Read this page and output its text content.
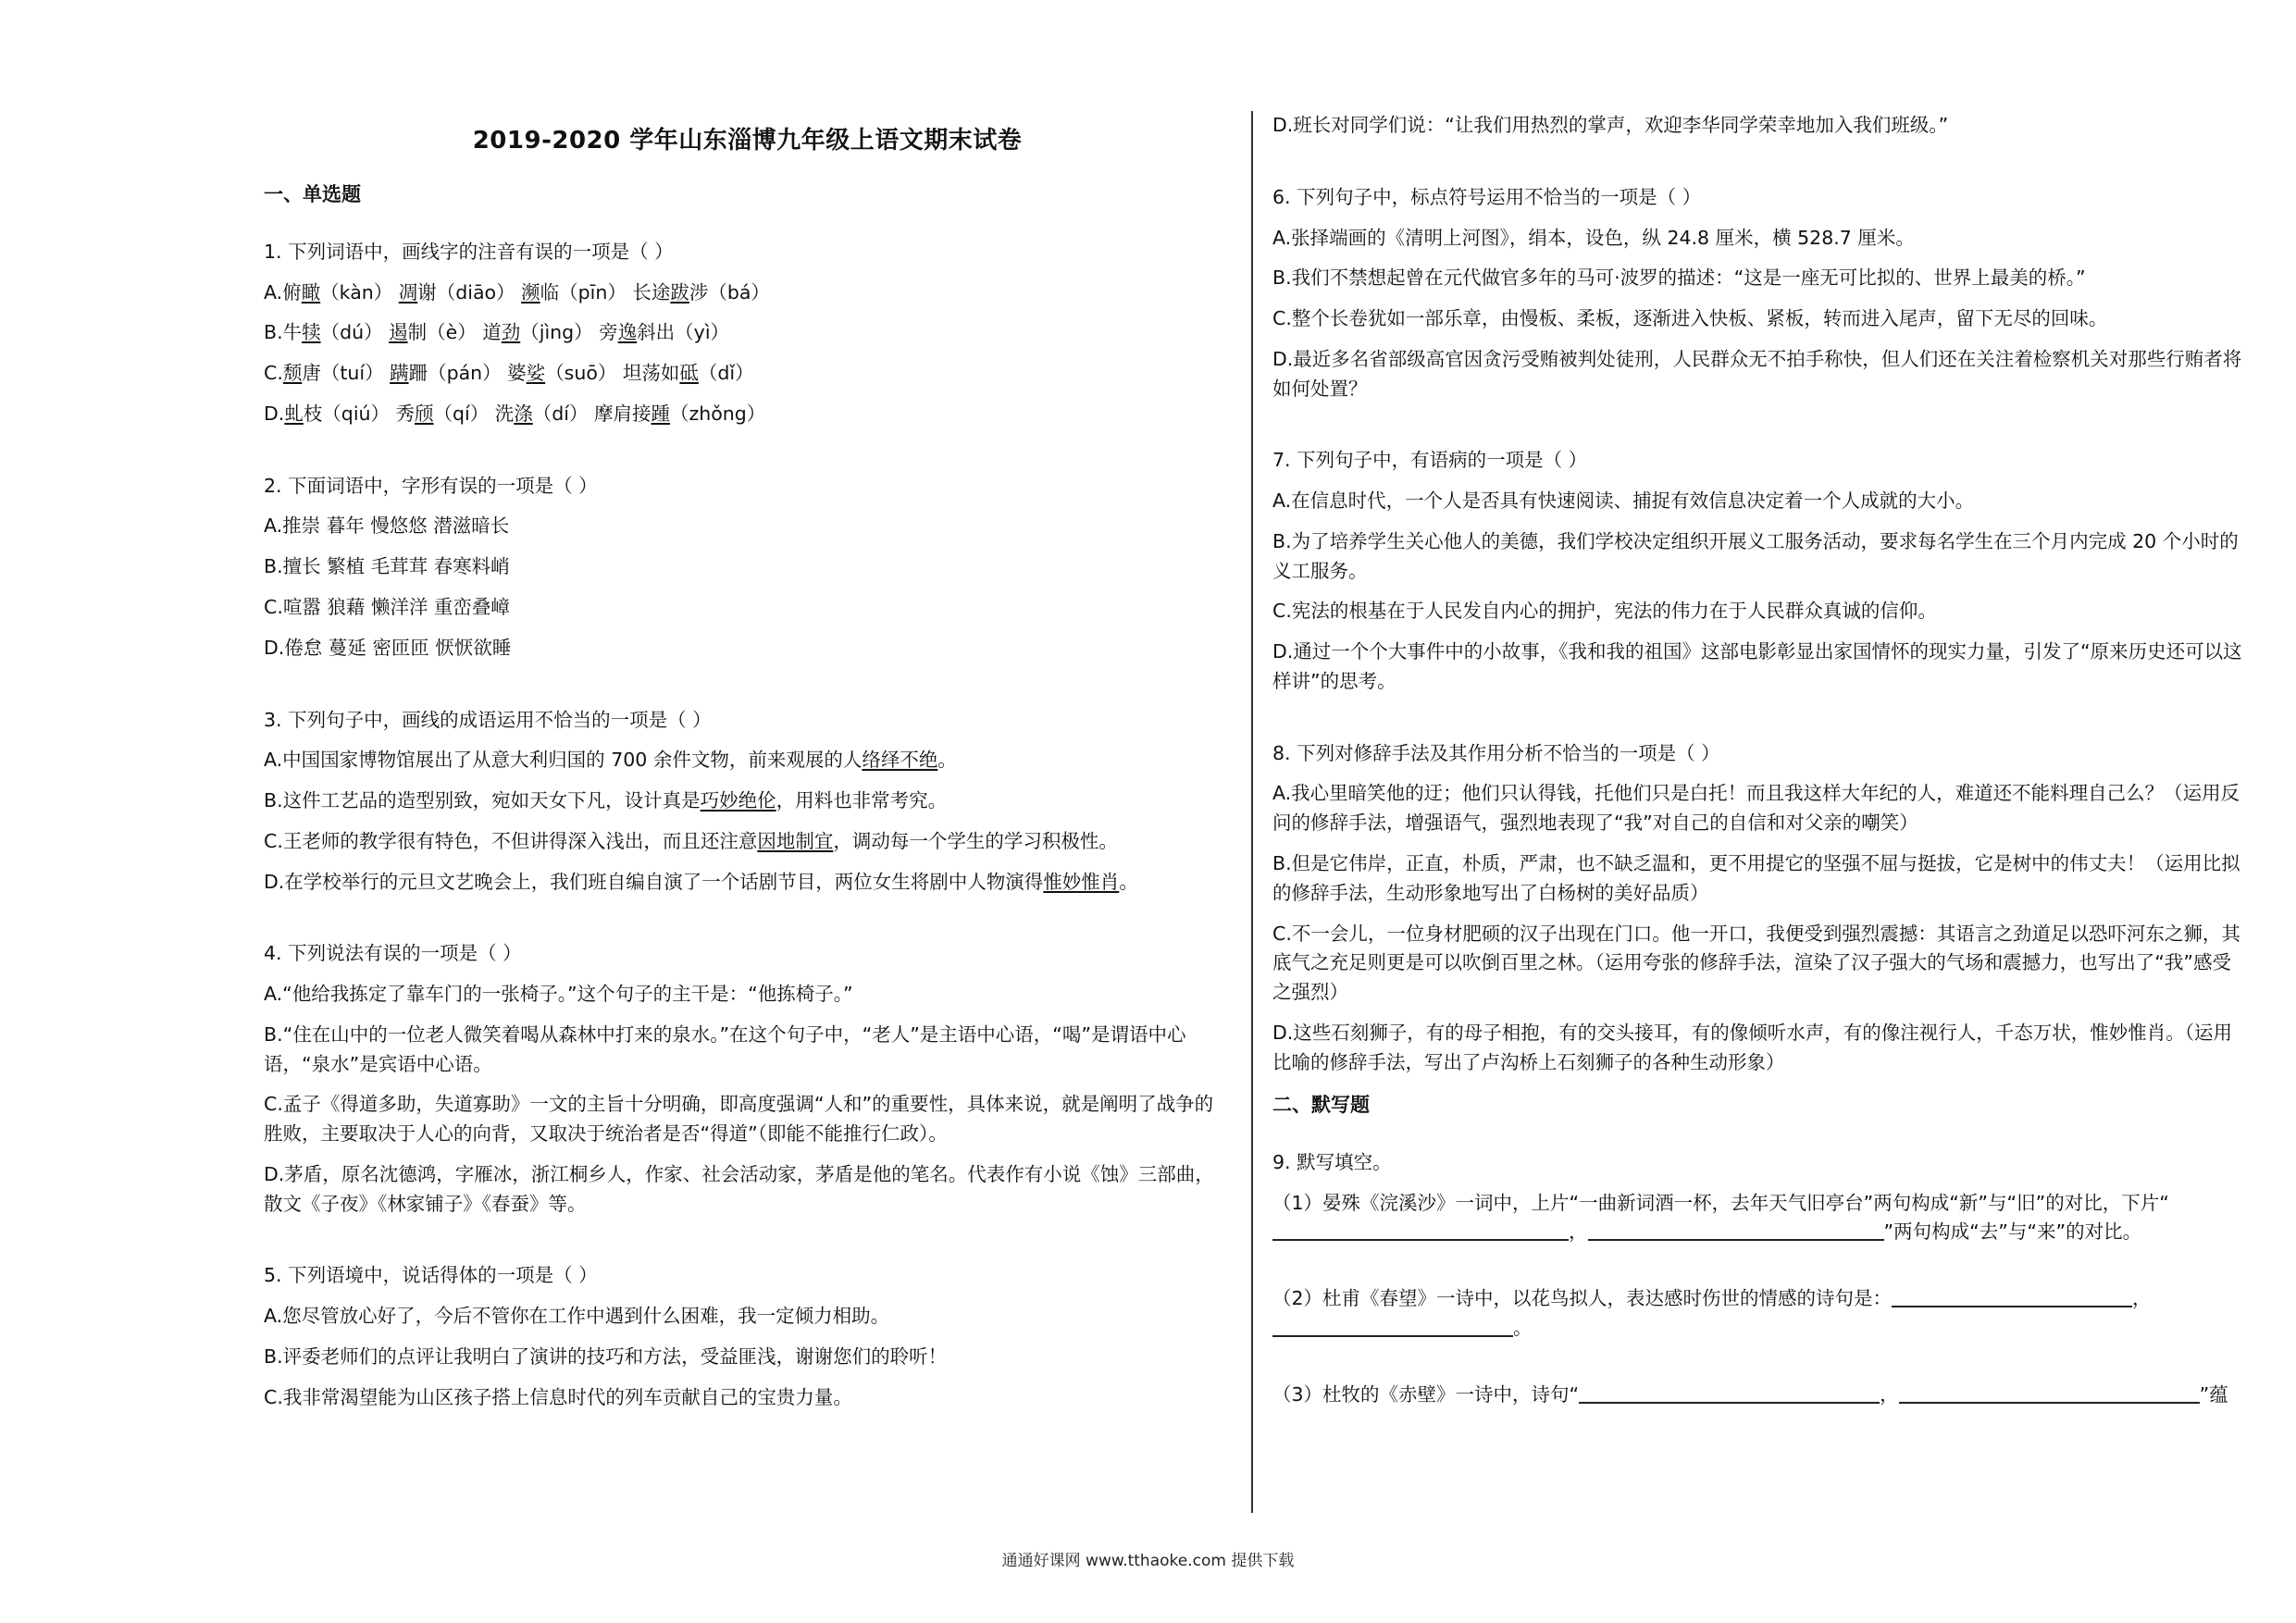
2019-2020 学年山东淄博九年级上语文期末试卷
一、单选题
1. 下列词语中，画线字的注音有误的一项是（ ）
A.俯瞰（kàn） 凋谢（diāo） 濒临（pīn） 长途跋涉（bá）
B.牛犊（dú） 遏制（è） 道劲（jìng） 旁逸斜出（yì）
C.颓唐（tuí） 蹒跚（pán） 婆娑（suō） 坦荡如砥（dǐ）
D.虬枝（qiú） 秀颀（qí） 洗涤（dí） 摩肩接踵（zhǒng）
2. 下面词语中，字形有误的一项是（ ）
A.推崇 暮年 慢悠悠 潜滋暗长
B.擅长 繁植 毛茸茸 春寒料峭
C.喧嚣 狼藉 懒洋洋 重峦叠嶂
D.倦怠 蔓延 密匝匝 恹恹欲睡
3. 下列句子中，画线的成语运用不恰当的一项是（ ）
A.中国国家博物馆展出了从意大利归国的 700 余件文物，前来观展的人络绎不绝。
B.这件工艺品的造型别致，宛如天女下凡，设计真是巧妙绝伦，用料也非常考究。
C.王老师的教学很有特色，不但讲得深入浅出，而且还注意因地制宜，调动每一个学生的学习积极性。
D.在学校举行的元旦文艺晚会上，我们班自编自演了一个话剧节目，两位女生将剧中人物演得惟妙惟肖。
4. 下列说法有误的一项是（ ）
A.“他给我拣定了靠车门的一张椅子。”这个句子的主干是：“他拣椅子。”
B.“住在山中的一位老人微笑着喝从森林中打来的泉水。”在这个句子中，“老人”是主语中心语，“喝”是谓语中心语，“泉水”是宾语中心语。
C.孟子《得道多助，失道寡助》一文的主旨十分明确，即高度强调“人和”的重要性，具体来说，就是阐明了战争的胜败，主要取决于人心的向背，又取决于统治者是否“得道”（即能不能推行仁政）。
D.茅盾，原名沈德鸿，字雁冰，浙江桐乡人，作家、社会活动家，茅盾是他的笔名。代表作有小说《蚀》三部曲，散文《子夜》《林家铺子》《春蚕》等。
5. 下列语境中，说话得体的一项是（ ）
A.您尽管放心好了，今后不管你在工作中遇到什么困难，我一定倾力相助。
B.评委老师们的点评让我明白了演讲的技巧和方法，受益匪浅，谢谢您们的聆听！
C.我非常渴望能为山区孩子搭上信息时代的列车贡献自己的宝贵力量。
D.班长对同学们说：“让我们用热烈的掌声，欢迎李华同学荣幸地加入我们班级。”
6. 下列句子中，标点符号运用不恰当的一项是（ ）
A.张择端画的《清明上河图》，绢本，设色，纵 24.8 厘米，横 528.7 厘米。
B.我们不禁想起曾在元代做官多年的马可·波罗的描述：“这是一座无可比拟的、世界上最美的桥。”
C.整个长卷犹如一部乐章，由慢板、柔板，逐渐进入快板、紧板，转而进入尾声，留下无尽的回味。
D.最近多名省部级高官因贪污受贿被判处徒刑，人民群众无不拍手称快，但人们还在关注着检察机关对那些行贿者将如何处置？
7. 下列句子中，有语病的一项是（ ）
A.在信息时代，一个人是否具有快速阅读、捕捉有效信息决定着一个人成就的大小。
B.为了培养学生关心他人的美德，我们学校决定组织开展义工服务活动，要求每名学生在三个月内完成 20 个小时的义工服务。
C.宪法的根基在于人民发自内心的拥护，宪法的伟力在于人民群众真诚的信仰。
D.通过一个个大事件中的小故事，《我和我的祖国》这部电影彰显出家国情怀的现实力量，引发了“原来历史还可以这样讲”的思考。
8. 下列对修辞手法及其作用分析不恰当的一项是（ ）
A.我心里暗笑他的迂；他们只认得钱，托他们只是白托！而且我这样大年纪的人，难道还不能料理自己么？（运用反问的修辞手法，增强语气，强烈地表现了“我”对自己的自信和对父亲的嘲笑）
B.但是它伟岸，正直，朴质，严肃，也不缺乏温和，更不用提它的坚强不屈与挺拔，它是树中的伟丈夫！（运用比拟的修辞手法，生动形象地写出了白杨树的美好品质）
C.不一会儿，一位身材肥硕的汉子出现在门口。他一开口，我便受到强烈震撼：其语言之劲道足以恐吓河东之狮，其底气之充足则更是可以吹倒百里之林。（运用夸张的修辞手法，渲染了汉子强大的气场和震撼力，也写出了“我”感受之强烈）
D.这些石刻狮子，有的母子相抱，有的交头接耳，有的像倾听水声，有的像注视行人，千态万状，惟妙惟肖。（运用比喻的修辞手法，写出了卢沟桥上石刻狮子的各种生动形象）
二、默写题
9. 默写填空。
（1）晏殊《浣溪沙》一词中，上片“一曲新词酒一杯，去年天气旧亭台”两句构成“新”与“旧”的对比，下片“，	”两句构成“去”与“来”的对比。
（2）杜甫《春望》一诗中，以花鸟拟人，表达感时伤世的情感的诗句是：	，
。
（3）杜牧的《赤壁》一诗中，诗句“	，	”蕴
通通好课网 www.tthaoke.com 提供下载
